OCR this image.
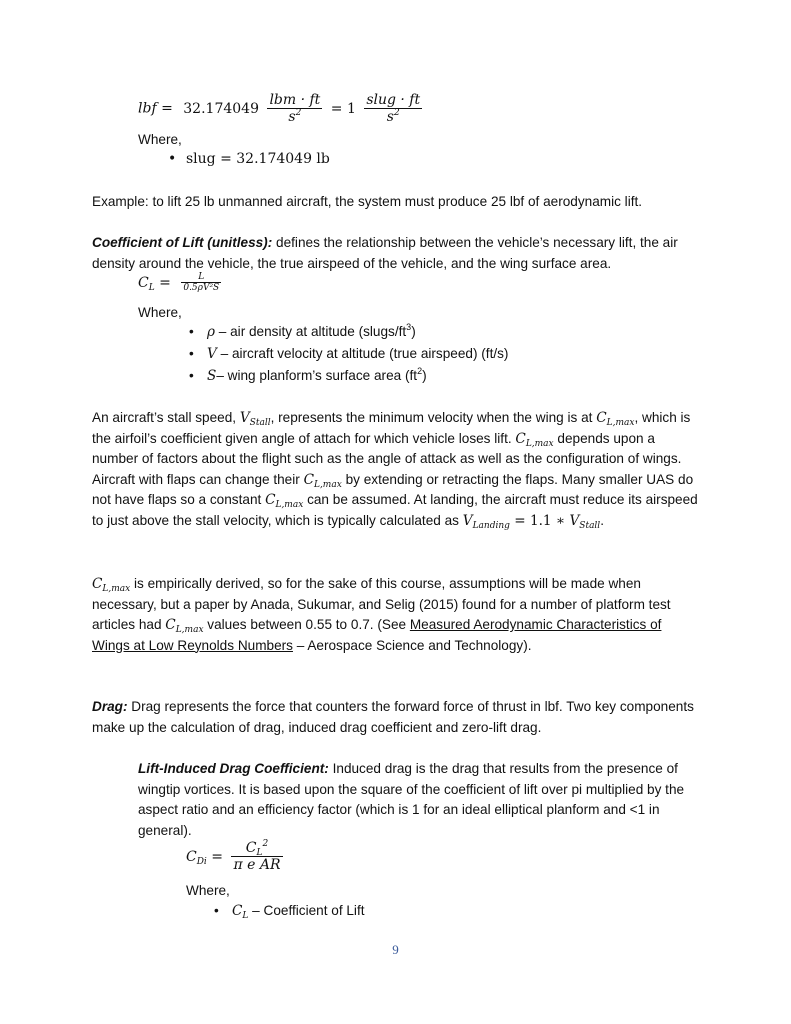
lbf = $32.174049 \frac{\text{lbm · ft}}{s^2} = 1 \frac{\text{slug · ft}}{s^2}$
Where,
• slug = 32.174049 lb
Example: to lift 25 lb unmanned aircraft, the system must produce 25 lbf of aerodynamic lift.
Coefficient of Lift (unitless): defines the relationship between the vehicle’s necessary lift, the air density around the vehicle, the true airspeed of the vehicle, and the wing surface area.
$C_L = \frac{L}{\text{0.5ρV²S}}$
Where,
• ρ – air density at altitude $(slugs/ft^3)$
• V – aircraft velocity at altitude (true airspeed) (ft/s)
• S– wing planform’s surface area $(ft^2)$
An aircraft’s stall speed, $V_{Stall}$, represents the minimum velocity when the wing is at $C_{L,max}$, which is the airfoil’s coefficient given angle of attach for which vehicle loses lift. $C_{L,max}$ depends upon a number of factors about the flight such as the angle of attack as well as the configuration of wings. Aircraft with flaps can change their $C_{L,max}$ by extending or retracting the flaps. Many smaller UAS do not have flaps so a constant $C_{L,max}$ can be assumed. At landing, the aircraft must reduce its airspeed to just above the stall velocity, which is typically calculated as $V_{Landing} = 1.1$ ∗ $V_{Stall}$.
$C_{L,max}$ is empirically derived, so for the sake of this course, assumptions will be made when necessary, but a paper by Anada, Sukumar, and Selig (2015) found for a number of platform test articles had $C_{L,max}$ values between 0.55 to 0.7. (See Measured Aerodynamic Characteristics of Wings at Low Reynolds Numbers – Aerospace Science and Technology).
Drag: Drag represents the force that counters the forward force of thrust in lbf. Two key components make up the calculation of drag, induced drag coefficient and zero-lift drag.
Lift-Induced Drag Coefficient: Induced drag is the drag that results from the presence of wingtip vortices. It is based upon the square of the coefficient of lift over pi multiplied by the aspect ratio and an efficiency factor (which is 1 for an ideal elliptical planform and <1 in general).
$C_{Di} = \frac{C_L^2}{\text{π e AR}}$
Where,
• $C_L$ – Coefficient of Lift
9
